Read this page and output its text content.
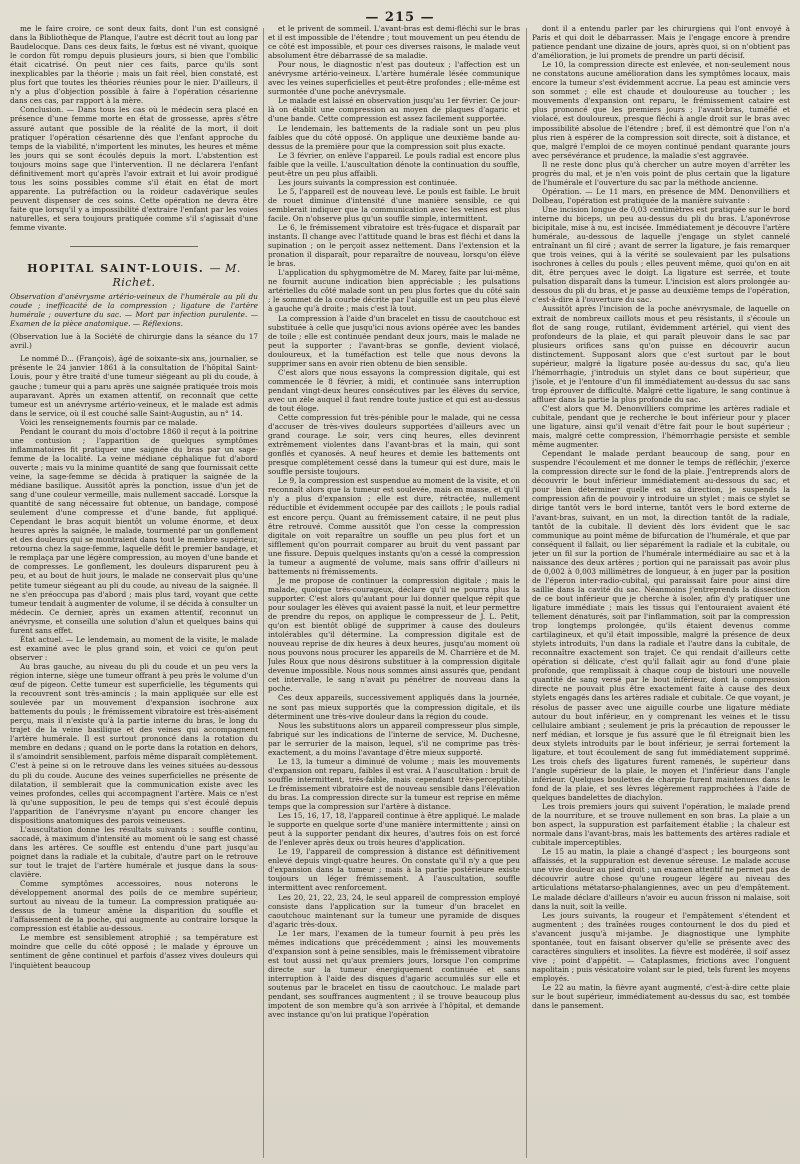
— 215 —

me le faire croire, ce sont deux faits, dont l'un est consigné dans la Bibliothèque de Planque, l'autre est décrit tout au long par Baudelocque. Dans ces deux faits, le fœtus est né vivant, quoique le cordon fût rompu depuis plusieurs jours, si bien que l'ombilic était cicatrisé. On peut nier ces faits, parce qu'ils sont inexplicables par la théorie ; mais un fait réel, bien constaté, est plus fort que toutes les théories réunies pour le nier. D'ailleurs, il n'y a plus d'objection possible à faire à l'opération césarienne dans ces cas, par rapport à la mère.

Conclusion. — Dans tous les cas où le médecin sera placé en présence d'une femme morte en état de grossesse, après s'être assuré autant que possible de la réalité de la mort, il doit pratiquer l'opération césarienne dès que l'enfant approche du temps de la viabilité, n'importent les minutes, les heures et même les jours qui se sont écoulés depuis la mort. L'abstention est toujours moins sage que l'intervention. Il ne déclarera l'enfant définitivement mort qu'après l'avoir extrait et lui avoir prodigué tous les soins possibles comme s'il était en état de mort apparente. La putréfaction ou la roideur cadavérique seules peuvent dispenser de ces soins. Cette opération ne devra être faite que lorsqu'il y a impossibilité d'extraire l'enfant par les voies naturelles, et sera toujours pratiquée comme s'il s'agissait d'une femme vivante.

HOPITAL SAINT-LOUIS. — M. Richet.

Observation d'anévrysme artério-veineux de l'humérale au pli du coude ; inefficacité de la compression ; ligature de l'artère humérale ; ouverture du sac. — Mort par infection purulente. — Examen de la pièce anatomique. — Réflexions.

(Observation lue à la Société de chirurgie dans la séance du 17 avril.)

Le nommé D... (François), âgé de soixante-six ans, journalier, se présente le 24 janvier 1861 à la consultation de l'hôpital Saint-Louis, pour y être traité d'une tumeur siégeant au pli du coude, à gauche ; tumeur qui a paru après une saignée pratiquée trois mois auparavant. Après un examen attentif, on reconnaît que cette tumeur est un anévrysme artério-veineux, et le malade est admis dans le service, où il est couché salle Saint-Augustin, au n° 14.

Voici les renseignements fournis par ce malade.

Pendant le courant du mois d'octobre 1860 il reçut à la poitrine une contusion ; l'apparition de quelques symptômes inflammatoires fit pratiquer une saignée du bras par un sage-femme de la localité. La veine médiane céphalique fut d'abord ouverte ; mais vu la minime quantité de sang que fournissait cette veine, la sage-femme se décida à pratiquer la saignée de la médiane basilique. Aussitôt après la ponction, issue d'un jet de sang d'une couleur vermeille, mais nullement saccadé. Lorsque la quantité de sang nécessaire fut obtenue, un bandage, composé seulement d'une compresse et d'une bande, fut appliqué. Cependant le bras acquit bientôt un volume énorme, et deux heures après la saignée, le malade, tourmenté par un gonflement et des douleurs qui se montraient dans tout le membre supérieur, retourna chez la sage-femme, laquelle défit le premier bandage, et le remplaça par une légère compression, au moyen d'une bande et de compresses. Le gonflement, les douleurs disparurent peu à peu, et au bout de huit jours, le malade ne conservait plus qu'une petite tumeur siégeant au pli du coude, au niveau de la saignée. Il ne s'en préoccupa pas d'abord ; mais plus tard, voyant que cette tumeur tendait à augmenter de volume, il se décida à consulter un médecin. Ce dernier, après un examen attentif, reconnut un anévrysme, et conseilla une solution d'alun et quelques bains qui furent sans effet.

État actuel. — Le lendemain, au moment de la visite, le malade est examiné avec le plus grand soin, et voici ce qu'on peut observer :

Au bras gauche, au niveau du pli du coude et un peu vers la région interne, siège une tumeur offrant à peu près le volume d'un œuf de pigeon. Cette tumeur est superficielle, les téguments qui la recouvrent sont très-amincis ; la main appliquée sur elle est soulevée par un mouvement d'expansion isochrone aux battements du pouls ; le frémissement vibratoire est très-aisément perçu, mais il n'existe qu'à la partie interne du bras, le long du trajet de la veine basilique et des veines qui accompagnent l'artère humérale. Il est surtout prononcé dans la rotation du membre en dedans ; quand on le porte dans la rotation en dehors, il s'amoindrit sensiblement, parfois même disparaît complètement. C'est à peine si on le retrouve dans les veines situées au-dessous du pli du coude. Aucune des veines superficielles ne présente de dilatation, il semblerait que la communication existe avec les veines profondes, celles qui accompagnent l'artère. Mais ce n'est là qu'une supposition, le peu de temps qui s'est écoulé depuis l'apparition de l'anévrysme n'ayant pu encore changer les dispositions anatomiques des parois veineuses.

L'auscultation donne les résultats suivants : souffle continu, saccadé, à maximum d'intensité au moment où le sang est chassé dans les artères. Ce souffle est entendu d'une part jusqu'au poignet dans la radiale et la cubitale, d'autre part on le retrouve sur tout le trajet de l'artère humérale et jusque dans la sous-clavière.

Comme symptômes accessoires, nous noterons le développement anormal des poils de ce membre supérieur, surtout au niveau de la tumeur. La compression pratiquée au-dessus de la tumeur amène la disparition du souffle et l'affaissement de la poche, qui augmente au contraire lorsque la compression est établie au-dessous.

Le membre est sensiblement atrophié ; sa température est moindre que celle du côté opposé ; le malade y éprouve un sentiment de gêne continuel et parfois d'assez vives douleurs qui l'inquiètent beaucoup

et le privent de sommeil. L'avant-bras est demi-fléchi sur le bras et il est impossible de l'étendre ; tout mouvement un peu étendu de ce côté est impossible, et pour ces diverses raisons, le malade veut absolument être débarrassé de sa maladie.

Pour nous, le diagnostic n'est pas douteux ; l'affection est un anévrysme artério-veineux. L'artère humérale lésée communique avec les veines superficielles et peut-être profondes ; elle-même est surmontée d'une poche anévrysmale.

Le malade est laissé en observation jusqu'au 1er février. Ce jour-là on établit une compression au moyen de plaques d'agaric et d'une bande. Cette compression est assez facilement supportée.

Le lendemain, les battements de la radiale sont un peu plus faibles que du côté opposé. On applique une deuxième bande au-dessus de la première pour que la compression soit plus exacte.

Le 3 février, on enlève l'appareil. Le pouls radial est encore plus faible que la veille. L'auscultation dénote la continuation du souffle, peut-être un peu plus affaibli.

Les jours suivants la compression est continuée.

Le 5, l'appareil est de nouveau levé. Le pouls est faible. Le bruit de rouet diminue d'intensité d'une manière sensible, ce qui semblerait indiquer que la communication avec les veines est plus facile. On n'observe plus qu'un souffle simple, intermittent.

Le 6, le frémissement vibratoire est très-fugace et disparaît par instants. Il change avec l'attitude quand le bras est fléchi et dans la supination ; on le perçoit assez nettement. Dans l'extension et la pronation il disparaît, pour reparaître de nouveau, lorsqu'on élève le bras.

L'application du sphygmomètre de M. Marey, faite par lui-même, ne fournit aucune indication bien appréciable ; les pulsations artérielles du côté malade sont un peu plus fortes que du côté sain ; le sommet de la courbe décrite par l'aiguille est un peu plus élevé à gauche qu'à droite ; mais c'est là tout.

La compression à l'aide d'un bracelet en tissu de caoutchouc est substituée à celle que jusqu'ici nous avions opérée avec les bandes de toile ; elle est continuée pendant deux jours, mais le malade ne peut la supporter ; l'avant-bras se gonfle, devient violacé, douloureux, et la tuméfaction est telle que nous devons la supprimer sans en avoir rien obtenu de bien sensible.

C'est alors que nous essayons la compression digitale, qui est commencée le 8 février, à midi, et continuée sans interruption pendant vingt-deux heures consécutives par les élèves du service, avec un zèle auquel il faut rendre toute justice et qui est au-dessus de tout éloge.

Cette compression fut très-pénible pour le malade, qui ne cessa d'accuser de très-vives douleurs supportées d'ailleurs avec un grand courage. Le soir, vers cinq heures, elles devinrent extrêmement violentes dans l'avant-bras et la main, qui sont gonflés et cyanosés. A neuf heures et demie les battements ont presque complétement cessé dans la tumeur qui est dure, mais le souffle persiste toujours.

Le 9, la compression est suspendue au moment de la visite, et on reconnaît alors que la tumeur est soulevée, mais en masse, et qu'il n'y a plus d'expansion ; elle est dure, rétractée, nullement réductible et évidemment occupée par des caillots ; le pouls radial est encore perçu. Quant au frémissement cataire, il ne peut plus être retrouvé. Comme aussitôt que l'on cesse la compression digitale on voit reparaître un souffle un peu plus fort et un sifflement qu'on pourrait comparer au bruit du vent passant par une fissure. Depuis quelques instants qu'on a cessé la compression la tumeur a augmenté de volume, mais sans offrir d'ailleurs ni battements ni frémissements.

Je me propose de continuer la compression digitale ; mais le malade, quoique très-courageux, déclare qu'il ne pourra plus la supporter. C'est alors qu'autant pour lui donner quelque répit que pour soulager les élèves qui avaient passé la nuit, et leur permettre de prendre du repos, on applique le compresseur de J. L. Petit, qu'on est bientôt obligé de supprimer à cause des douleurs intolérables qu'il détermine. La compression digitale est de nouveau reprise de dix heures à deux heures, jusqu'au moment où nous pouvons nous procurer les appareils de M. Charrière et de M. Jules Roux que nous désirons substituer à la compression digitale devenue impossible. Nous nous sommes ainsi assurés que, pendant cet intervalle, le sang n'avait pu pénétrer de nouveau dans la poche.

Ces deux appareils, successivement appliqués dans la journée, ne sont pas mieux supportés que la compression digitale, et ils déterminent une très-vive douleur dans la région du coude.

Nous les substituons alors un appareil compresseur plus simple, fabriqué sur les indications de l'interne de service, M. Duchesne, par le serrurier de la maison, lequel, s'il ne comprime pas très-exactement, a du moins l'avantage d'être mieux supporté.

Le 13, la tumeur a diminué de volume ; mais les mouvements d'expansion ont reparu, faibles il est vrai. A l'auscultation : bruit de souffle intermittent, très-faible, mais cependant très-perceptible. Le frémissement vibratoire est de nouveau sensible dans l'élévation du bras. La compression directe sur la tumeur est reprise en même temps que la compression sur l'artère à distance.

Les 15, 16, 17, 18, l'appareil continue à être appliqué. Le malade le supporte en quelque sorte d'une manière intermittente ; ainsi on peut à la supporter pendant dix heures, d'autres fois on est forcé de l'enlever après deux ou trois heures d'application.

Le 19, l'appareil de compression à distance est définitivement enlevé depuis vingt-quatre heures. On constate qu'il n'y a que peu d'expansion dans la tumeur ; mais à la partie postérieure existe toujours un léger frémissement. A l'auscultation, souffle intermittent avec renforcement.

Les 20, 21, 22, 23, 24, le seul appareil de compression employé consiste dans l'application sur la tumeur d'un bracelet en caoutchouc maintenant sur la tumeur une pyramide de disques d'agaric très-doux.

Le 1er mars, l'examen de la tumeur fournit à peu près les mêmes indications que précédemment ; ainsi les mouvements d'expansion sont à peine sensibles, mais le frémissement vibratoire est tout aussi net qu'aux premiers jours, lorsque l'on comprime directe sur la tumeur énergiquement continuée et sans interruption à l'aide des disques d'agaric accumulés sur elle et soutenus par le bracelet en tissu de caoutchouc. Le malade part pendant, ses souffrances augmentent ; il se trouve beaucoup plus impotent de son membre qu'à son arrivée à l'hôpital, et demande avec instance qu'on lui pratique l'opération

dont il a entendu parler par les chirurgiens qui l'ont envoyé à Paris et qui doit le débarrasser. Mais je l'engage encore à prendre patience pendant une dizaine de jours, après quoi, si on n'obtient pas d'amélioration, je lui promets de prendre un parti décisif.

Le 10, la compression directe est enlevée, et non-seulement nous ne constatons aucune amélioration dans les symptômes locaux, mais encore la tumeur s'est évidemment accrue. La peau est amincie vers son sommet ; elle est chaude et douloureuse au toucher ; les mouvements d'expansion ont reparu, le frémissement cataire est plus prononcé que les premiers jours ; l'avant-bras, tuméfié et violacé, est douloureux, presque fléchi à angle droit sur le bras avec impossibilité absolue de l'étendre ; bref, il est démontré que l'on n'a plus rien à espérer de la compression soit directe, soit à distance, et que, malgré l'emploi de ce moyen continué pendant quarante jours avec persévérance et prudence, la maladie s'est aggravée.

Il ne reste donc plus qu'à chercher un autre moyen d'arrêter les progrès du mal, et je n'en vois point de plus certain que la ligature de l'humérale et l'ouverture du sac par la méthode ancienne.

Opération. — Le 11 mars, en présence de MM. Denonvilliers et Dolbeau, l'opération est pratiquée de la manière suivante :

Une incision longue de 0,03 centimètres est pratiquée sur le bord interne du biceps, un peu au-dessus du pli du bras. L'aponévrose bicipitale, mise à nu, est incisée. Immédiatement je découvre l'artère humérale, au-dessous de laquelle j'engage un stylet cannelé entraînant un fil ciré ; avant de serrer la ligature, je fais remarquer que trois veines, qui à la vérité se soulevaient par les pulsations isochrones à celles du pouls ; elles peuvent même, quoi qu'on en ait dit, être perçues avec le doigt. La ligature est serrée, et toute pulsation disparaît dans la tumeur. L'incision est alors prolongée au-dessous du pli du bras, et je passe au deuxième temps de l'opération, c'est-à-dire à l'ouverture du sac.

Aussitôt après l'incision de la poche anévrysmale, de laquelle on extrait de nombreux caillots mous et peu résistants, il s'écoule un flot de sang rouge, rutilant, évidemment artériel, qui vient des profondeurs de la plaie, et qui paraît pleuvoir dans le sac par plusieurs orifices sans qu'on puisse en découvrir aucun distinctement. Supposant alors que c'est surtout par le bout supérieur, malgré la ligature posée au-dessus du sac, qu'a lieu l'hémorrhagie, j'introduis un stylet dans ce bout supérieur, que j'isole, et je l'entoure d'un fil immédiatement au-dessus du sac sans trop éprouver de difficulté. Malgré cette ligature, le sang continue à affluer dans la partie la plus profonde du sac.

C'est alors que M. Denonvilliers comprime les artères radiale et cubitale, pendant que je recherche le bout inférieur pour y placer une ligature, ainsi qu'il venait d'être fait pour le bout supérieur ; mais, malgré cette compression, l'hémorrhagie persiste et semble même augmenter.

Cependant le malade perdant beaucoup de sang, pour en suspendre l'écoulement et me donner le temps de réfléchir, j'exerce la compression directe sur le fond de la plaie. J'entreprends alors de découvrir le bout inférieur immédiatement au-dessous du sac, et pour bien déterminer quelle est sa direction, je suspends la compression afin de pouvoir y introduire un stylet ; mais ce stylet se dirige tantôt vers le bord interne, tantôt vers le bord externe de l'avant-bras, suivant, en un mot, la direction tantôt de la radiale, tantôt de la cubitale. Il devient dès lors évident que le sac communique au point même de bifurcation de l'humérale, et que par conséquent il fallait, ou lier séparément la radiale et la cubitale, ou jeter un fil sur la portion de l'humérale intermédiaire au sac et à la naissance des deux artères ; portion qui ne paraissait pas avoir plus de 0,002 à 0,003 millimètres de longueur, à en juger par la position de l'éperon inter-radio-cubital, qui paraissait faire pour ainsi dire saillie dans la cavité du sac. Néanmoins j'entreprends la dissection de ce bout inférieur que je cherche à isoler, afin d'y pratiquer une ligature immédiate ; mais les tissus qui l'entouraient avaient été tellement dénaturés, soit par l'inflammation, soit par la compression trop longtemps prolongée, qu'ils étaient devenus comme cartilagineux, et qu'il était impossible, malgré la présence de deux stylets introduits, l'un dans la radiale et l'autre dans la cubitale, de reconnaître exactement son trajet. Ce qui rendait d'ailleurs cette opération si délicate, c'est qu'il fallait agir au fond d'une plaie profonde, que remplissait à chaque coup de bistouri une nouvelle quantité de sang versé par le bout inférieur, dont la compression directe ne pouvait plus être exactement faite à cause des deux stylets engagés dans les artères radiale et cubitale. Ce que voyant, je résolus de passer avec une aiguille courbe une ligature médiate autour du bout inférieur, en y comprenant les veines et le tissu cellulaire ambiant ; seulement je pris la précaution de repousser le nerf médian, et lorsque je fus assuré que le fil étreignait bien les deux stylets introduits par le bout inférieur, je serrai fortement la ligature, et tout écoulement de sang fut immédiatement supprimé. Les trois chefs des ligatures furent ramenés, le supérieur dans l'angle supérieur de la plaie, le moyen et l'inférieur dans l'angle inférieur. Quelques boulettes de charpie furent maintenues dans le fond de la plaie, et ses lèvres légèrement rapprochées à l'aide de quelques bandelettes de diachylon.

Les trois premiers jours qui suivent l'opération, le malade prend de la nourriture, et se trouve nullement en son bras. La plaie a un bon aspect, la suppuration est parfaitement établie ; la chaleur est normale dans l'avant-bras, mais les battements des artères radiale et cubitale imperceptibles.

Le 15 au matin, la plaie a changé d'aspect ; les bourgeons sont affaissés, et la suppuration est devenue séreuse. Le malade accuse une vive douleur au pied droit ; un examen attentif ne permet pas de découvrir autre chose qu'une rougeur légère au niveau des articulations métatarso-phalangiennes, avec un peu d'empâtement. Le malade déclare d'ailleurs n'avoir eu aucun frisson ni malaise, soit dans la nuit, soit la veille.

Les jours suivants, la rougeur et l'empâtement s'étendent et augmentent ; des traînées rouges contournent le dos du pied et s'avancent jusqu'à mi-jambe. Je diagnostique une lymphite spontanée, tout en faisant observer qu'elle se présente avec des caractères singuliers et insolites. La fièvre est modérée, il soif assez vive ; point d'appétit. — Cataplasmes, frictions avec l'onguent napolitain ; puis vésicatoire volant sur le pied, tels furent les moyens employés.

Le 22 au matin, la fièvre ayant augmenté, c'est-à-dire cette plaie sur le bout supérieur, immédiatement au-dessus du sac, est tombée dans le pansement.
